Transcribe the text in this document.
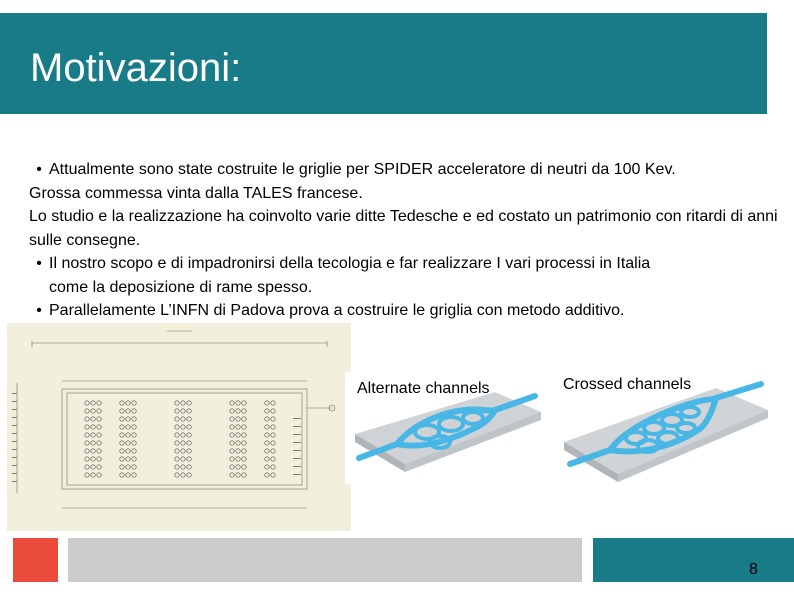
Motivazioni:

• Attualmente sono state costruite le griglie per SPIDER acceleratore di neutri da 100 Kev.

Grossa commessa vinta dalla TALES francese.

Lo studio e la realizzazione ha coinvolto varie ditte Tedesche e ed costato un patrimonio con ritardi di anni sulle consegne.

• Il nostro scopo e di impadronirsi della tecologia e far realizzare I vari processi in Italia

come la deposizione di rame spesso.

• Parallelamente L’INFN di Padova prova a costruire le griglia con metodo additivo.

Alternate channels	Crossed channels
8
